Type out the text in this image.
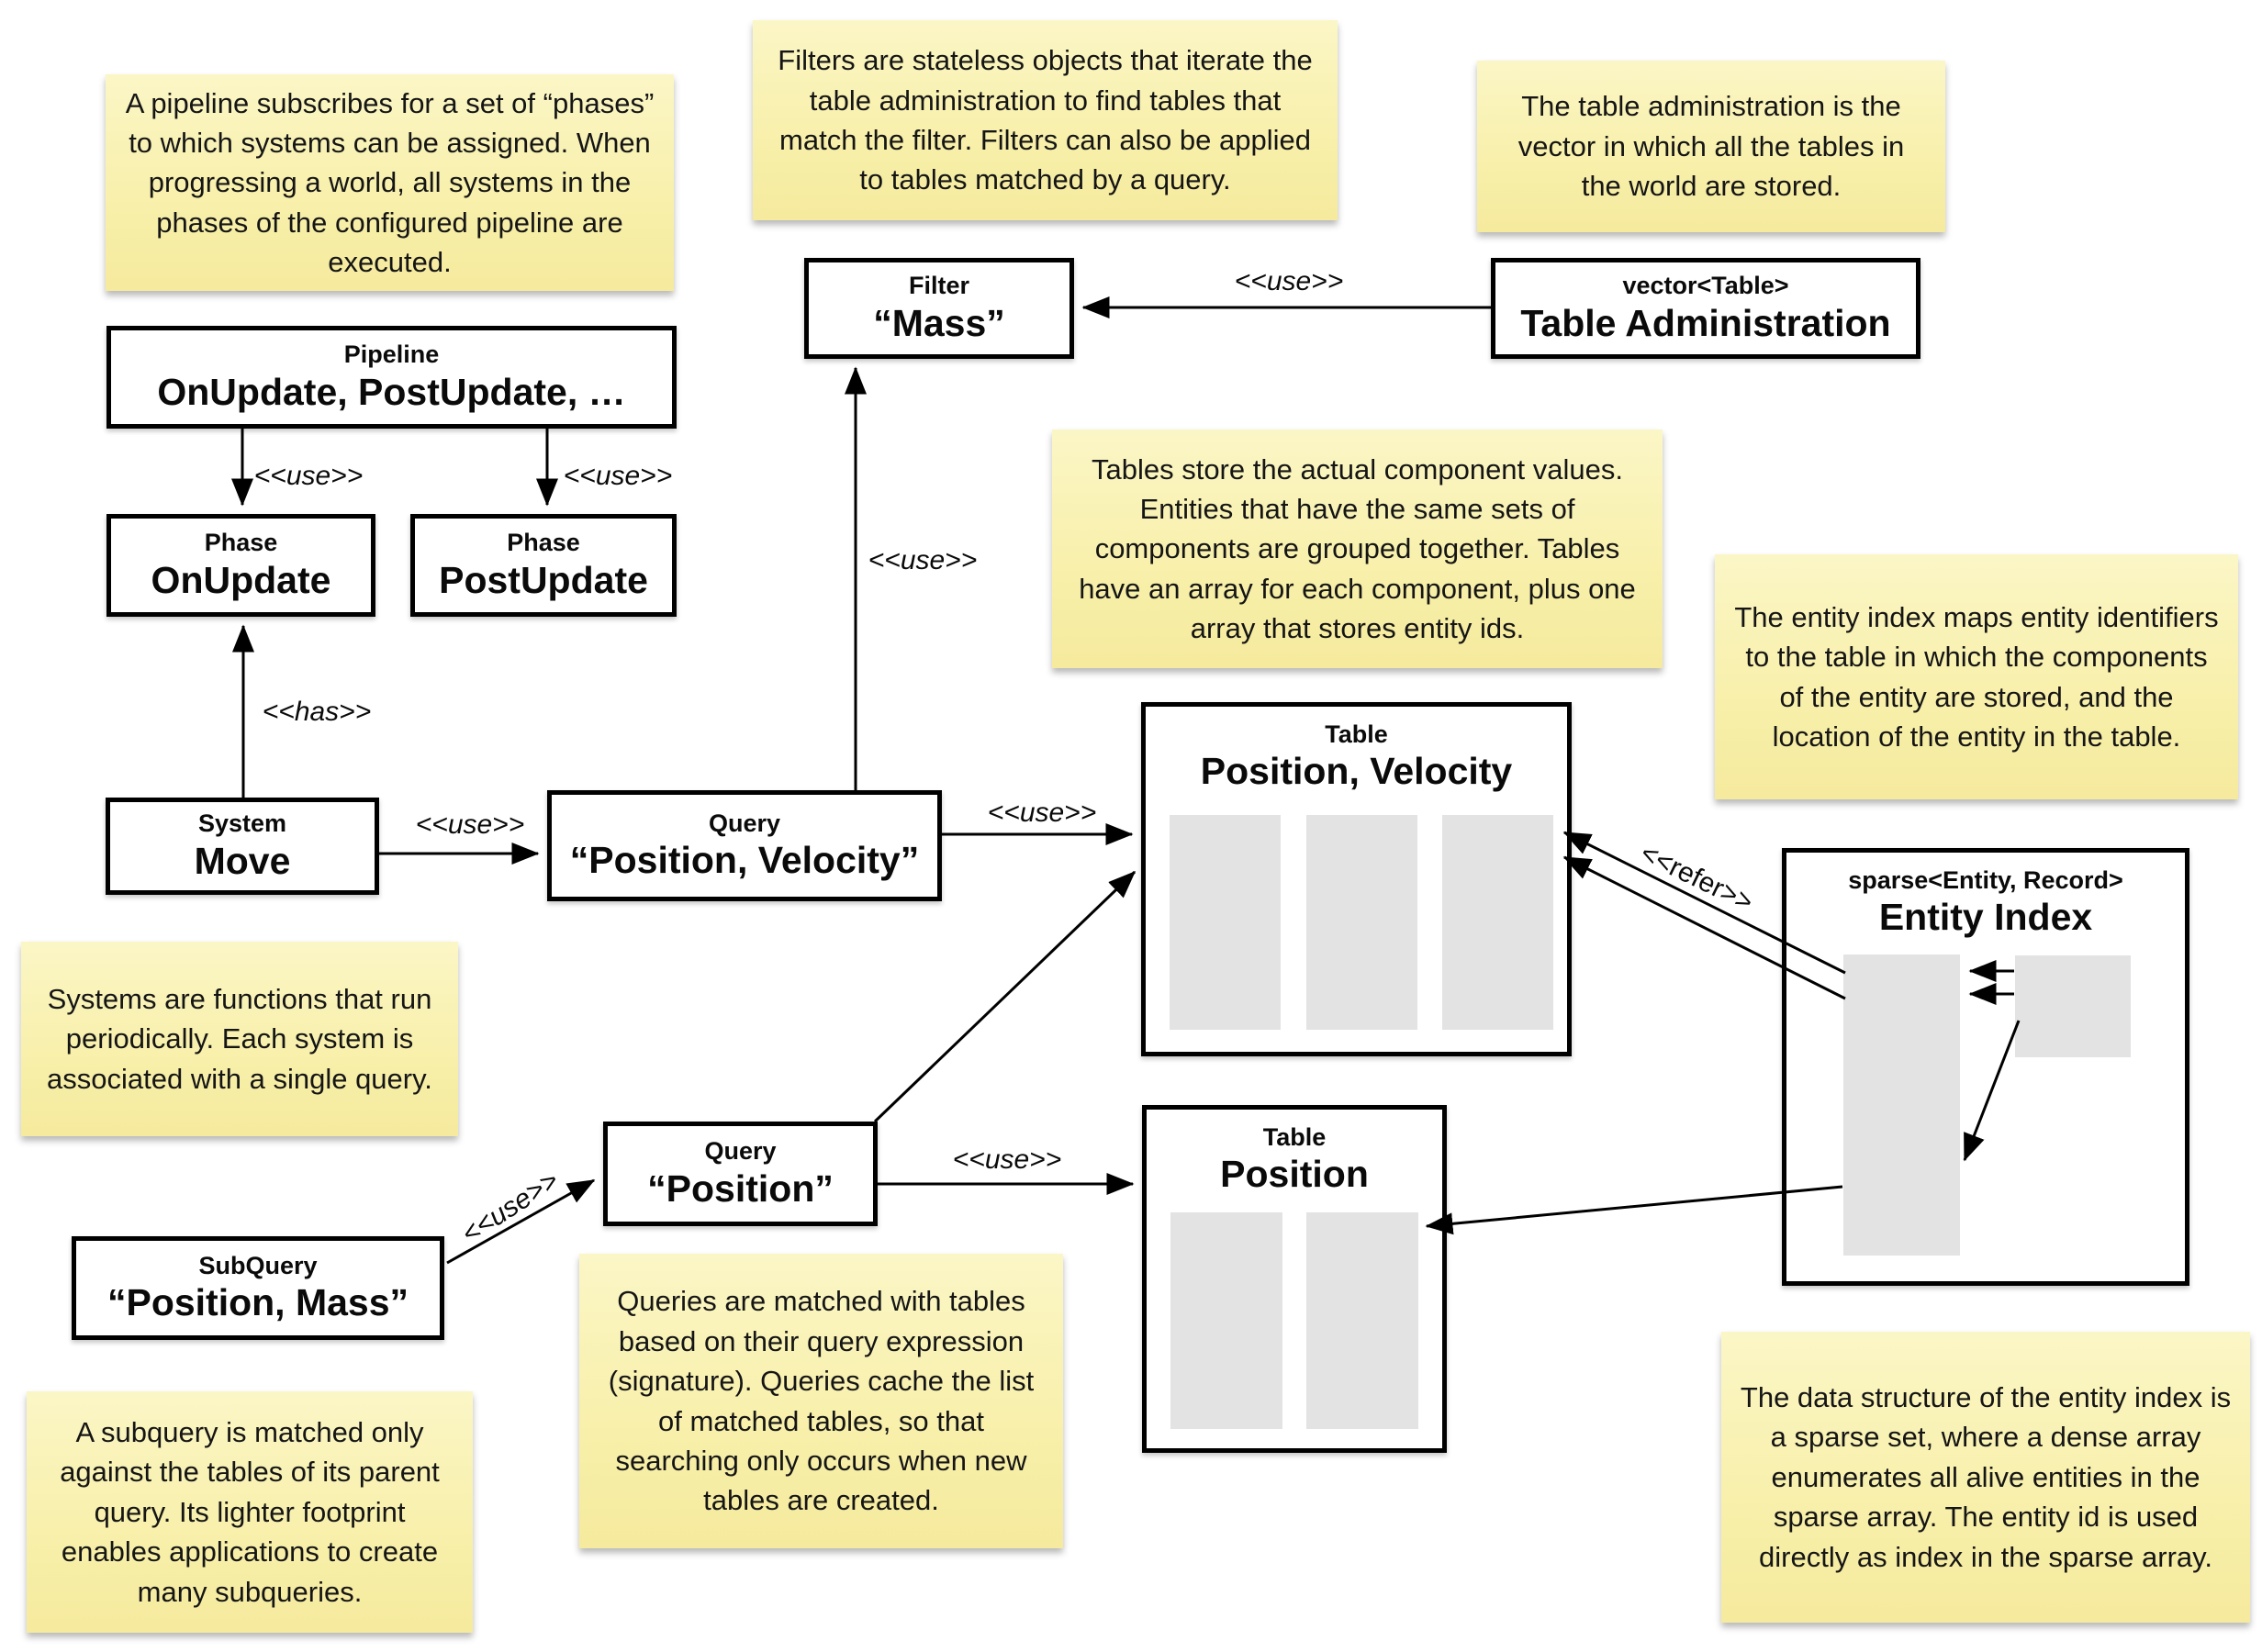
A pipeline subscribes for a set of “phases” to which systems can be assigned. When progressing a world, all systems in the phases of the configured pipeline are executed.
Filters are stateless objects that iterate the table administration to find tables that match the filter. Filters can also be applied to tables matched by a query.
The table administration is the vector in which all the tables in the world are stored.
Tables store the actual component values. Entities that have the same sets of components are grouped together. Tables have an array for each component, plus one array that stores entity ids.	The entity index maps entity identifiers to the table in which the components of the entity are stored, and the location of the entity in the table.
Systems are functions that run periodically. Each system is associated with a single query.
Queries are matched with tables based on their query expression (signature). Queries cache the list of matched tables, so that searching only occurs when new tables are created.
A subquery is matched only against the tables of its parent query. Its lighter footprint enables applications to create many subqueries.
The data structure of the entity index is a sparse set, where a dense array enumerates all alive entities in the sparse array. The entity id is used directly as index in the sparse array.
Pipeline
OnUpdate, PostUpdate, …
Phase
OnUpdate
Phase
PostUpdate
Filter
“Mass”
vector<Table>
Table Administration
System
Move
Query
“Position, Velocity”
Table
Position, Velocity
Query
“Position”
SubQuery
“Position, Mass”
Table
Position
sparse<Entity, Record>
Entity Index
<<use>>	<<use>>
<<has>>
<<use>>
<<use>>
<<use>>
<<use>>
<<use>>
<<use>>
<<refer>>
